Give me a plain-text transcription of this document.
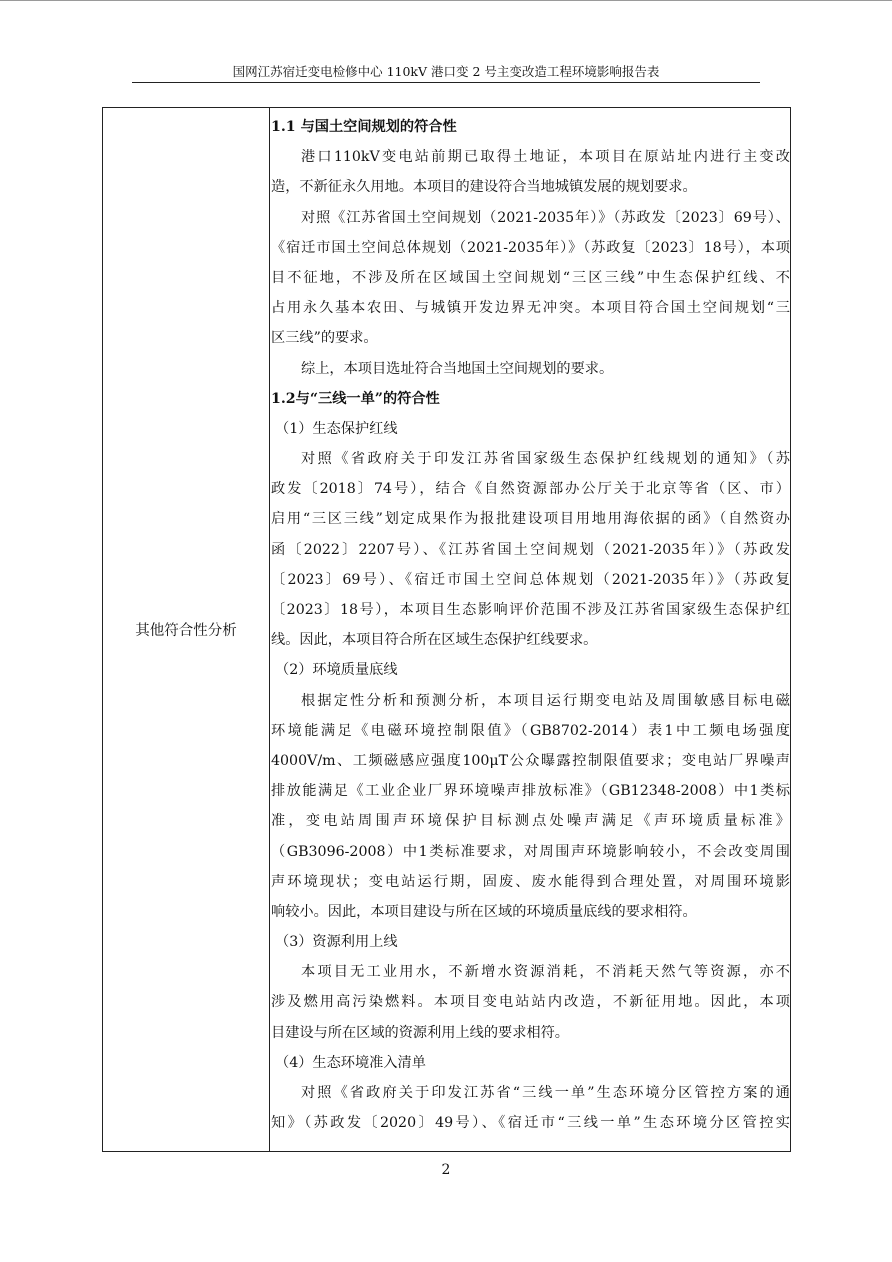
国网江苏宿迁变电检修中心 110kV 港口变 2 号主变改造工程环境影响报告表
其他符合性分析
1.1 与国土空间规划的符合性
港口110kV变电站前期已取得土地证，本项目在原站址内进行主变改
造，不新征永久用地。本项目的建设符合当地城镇发展的规划要求。
对照《江苏省国土空间规划（2021-2035年）》（苏政发〔2023〕69号）、
《宿迁市国土空间总体规划（2021-2035年）》（苏政复〔2023〕18号），本项
目不征地，不涉及所在区域国土空间规划“三区三线”中生态保护红线、不
占用永久基本农田、与城镇开发边界无冲突。本项目符合国土空间规划“三
区三线”的要求。
综上，本项目选址符合当地国土空间规划的要求。
1.2与“三线一单”的符合性
（1）生态保护红线
对照《省政府关于印发江苏省国家级生态保护红线规划的通知》（苏
政发〔2018〕74号），结合《自然资源部办公厅关于北京等省（区、市）
启用“三区三线”划定成果作为报批建设项目用地用海依据的函》（自然资办
函〔2022〕2207号）、《江苏省国土空间规划（2021-2035年）》（苏政发
〔2023〕69号）、《宿迁市国土空间总体规划（2021-2035年）》（苏政复
〔2023〕18号），本项目生态影响评价范围不涉及江苏省国家级生态保护红
线。因此，本项目符合所在区域生态保护红线要求。
（2）环境质量底线
根据定性分析和预测分析，本项目运行期变电站及周围敏感目标电磁
环境能满足《电磁环境控制限值》（GB8702-2014）表1中工频电场强度
4000V/m、工频磁感应强度100μT公众曝露控制限值要求；变电站厂界噪声
排放能满足《工业企业厂界环境噪声排放标准》（GB12348-2008）中1类标
准，变电站周围声环境保护目标测点处噪声满足《声环境质量标准》
（GB3096-2008）中1类标准要求，对周围声环境影响较小，不会改变周围
声环境现状；变电站运行期，固废、废水能得到合理处置，对周围环境影
响较小。因此，本项目建设与所在区域的环境质量底线的要求相符。
（3）资源利用上线
本项目无工业用水，不新增水资源消耗，不消耗天然气等资源，亦不
涉及燃用高污染燃料。本项目变电站站内改造，不新征用地。因此，本项
目建设与所在区域的资源利用上线的要求相符。
（4）生态环境准入清单
对照《省政府关于印发江苏省“三线一单”生态环境分区管控方案的通
知》（苏政发〔2020〕49号）、《宿迁市“三线一单”生态环境分区管控实
2
